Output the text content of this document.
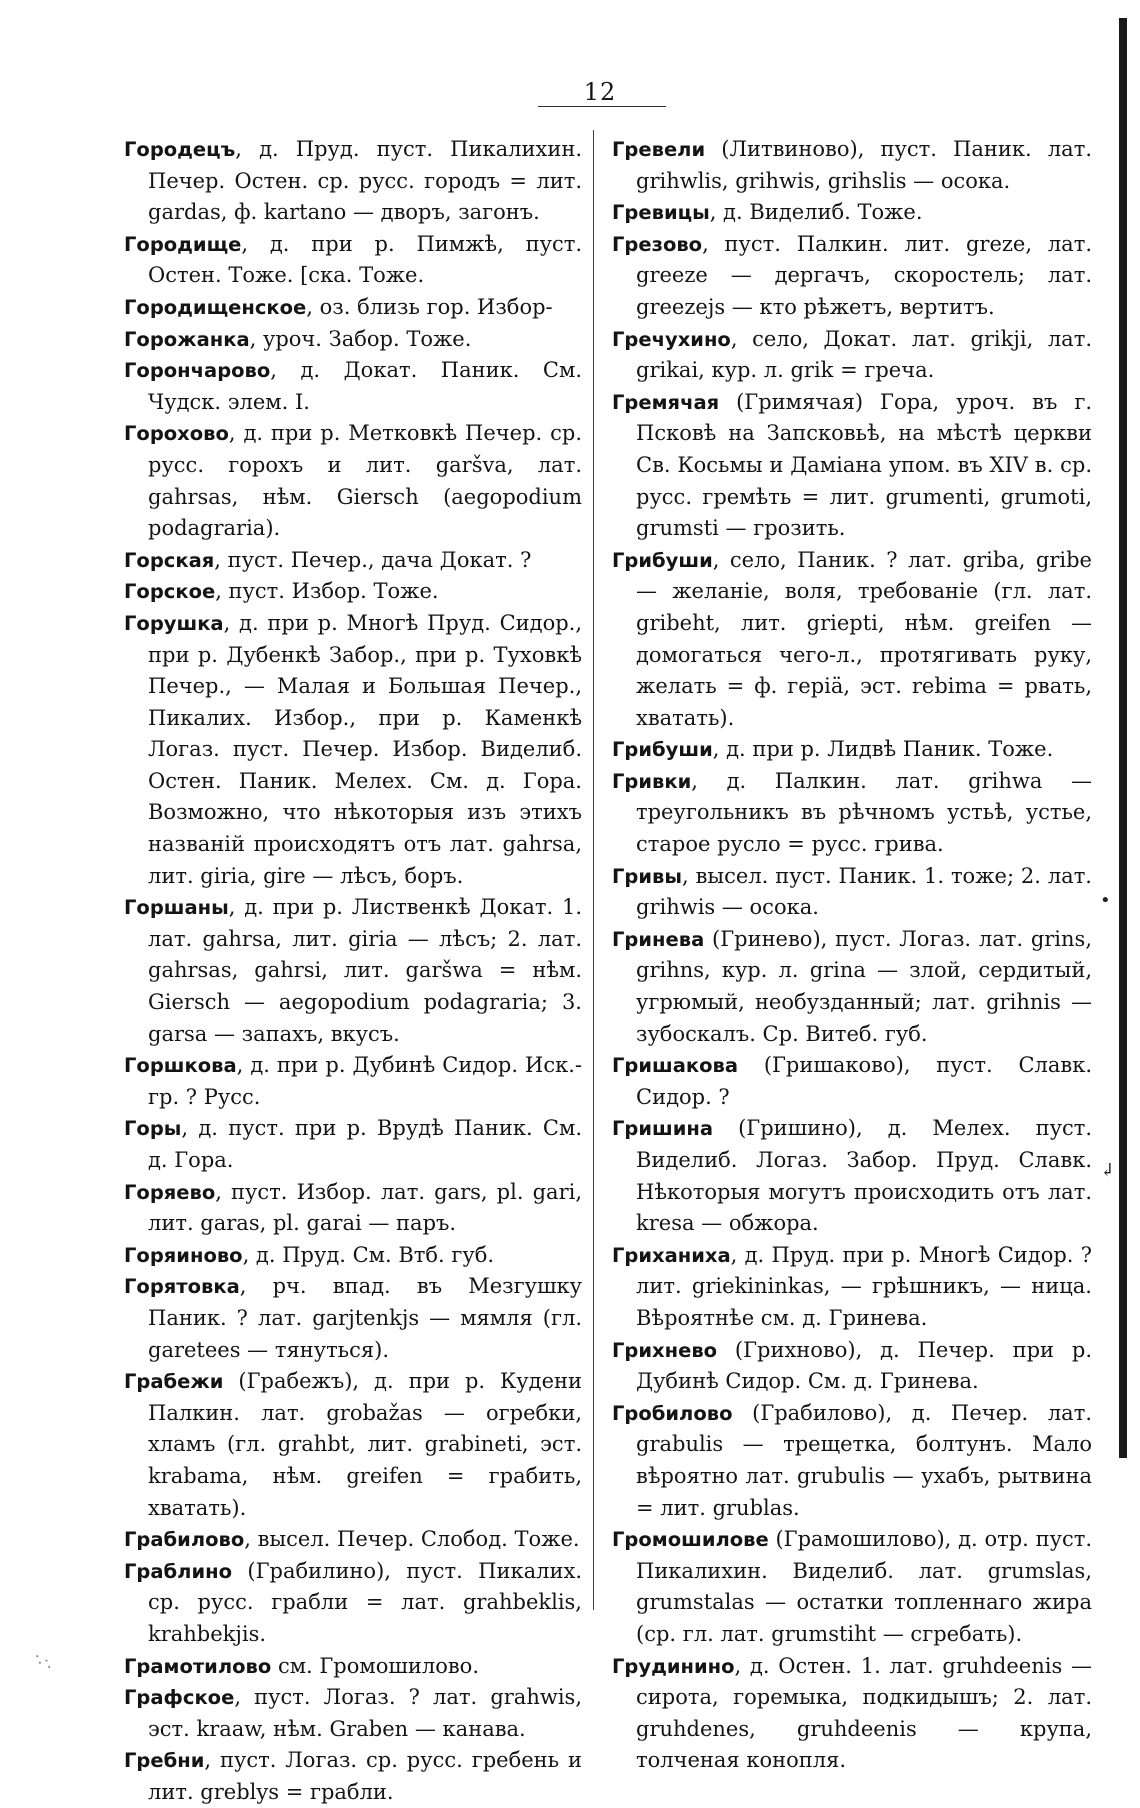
•
↲
12
Городецъ, д. Пруд. пуст. Пикалихин. Печер. Остен. ср. русс. городъ = лит. gardas, ф. kartano — дворъ, загонъ.
Городище, д. при р. Пимжѣ, пуст. Остен. Тоже. [ска. Тоже.
Городищенское, оз. близь гор. Избор-
Горожанка, уроч. Забор. Тоже.
Горончарово, д. Докат. Паник. См. Чудск. элем. I.
Горохово, д. при р. Метковкѣ Печер. ср. русс. горохъ и лит. garšva, лат. gahrsas, нѣм. Giersch (aegopodium podagraria).
Горская, пуст. Печер., дача Докат. ?
Горское, пуст. Избор. Тоже.
Горушка, д. при р. Многѣ Пруд. Сидор., при р. Дубенкѣ Забор., при р. Туховкѣ Печер., — Малая и Большая Печер., Пикалих. Избор., при р. Каменкѣ Логаз. пуст. Печер. Избор. Виделиб. Остен. Паник. Мелех. См. д. Гора. Возможно, что нѣкоторыя изъ этихъ названій происходятъ отъ лат. gahrsa, лит. giria, gire — лѣсъ, боръ.
Горшаны, д. при р. Лиственкѣ Докат. 1. лат. gahrsa, лит. giria — лѣсъ; 2. лат. gahrsas, gahrsi, лит. garšwa = нѣм. Giersch — aegopodium podagraria; 3. garsa — запахъ, вкусъ.
Горшкова, д. при р. Дубинѣ Сидор. Иск.-гр. ? Русс.
Горы, д. пуст. при р. Врудѣ Паник. См. д. Гора.
Горяево, пуст. Избор. лат. gars, pl. gari, лит. garas, pl. garai — паръ.
Горяиново, д. Пруд. См. Втб. губ.
Горятовка, рч. впад. въ Мезгушку Паник. ? лат. garjtenkjs — мямля (гл. garetees — тянуться).
Грабежи (Грабежъ), д. при р. Кудени Палкин. лат. grobažas — огребки, хламъ (гл. grahbt, лит. grabineti, эст. krabama, нѣм. greifen = грабить, хватать).
Грабилово, высел. Печер. Слобод. Тоже.
Граблино (Грабилино), пуст. Пикалих. ср. русс. грабли = лат. grahbeklis, krahbekjis.
Грамотилово см. Громошилово.
Графское, пуст. Логаз. ? лат. grahwis, эст. kraaw, нѣм. Graben — канава.
Гребни, пуст. Логаз. ср. русс. гребень и лит. greblys = грабли.
Гревели (Литвиново), пуст. Паник. лат. grihwlis, grihwis, grihslis — осока.
Гревицы, д. Виделиб. Тоже.
Грезово, пуст. Палкин. лит. greze, лат. greeze — дергачъ, скоростель; лат. greezejs — кто рѣжетъ, вертитъ.
Гречухино, село, Докат. лат. grikji, лат. grikai, кур. л. grik = греча.
Гремячая (Гримячая) Гора, уроч. въ г. Псковѣ на Запсковьѣ, на мѣстѣ церкви Св. Косьмы и Даміана упом. въ XIV в. ср. русс. гремѣть = лит. grumenti, grumoti, grumsti — грозить.
Грибуши, село, Паник. ? лат. griba, gribe — желаніе, воля, требованіе (гл. лат. gribeht, лит. griepti, нѣм. greifen — домогаться чего-л., протягивать руку, желать = ф. гepiä, эст. rebima = рвать, хватать).
Грибуши, д. при р. Лидвѣ Паник. Тоже.
Гривки, д. Палкин. лат. grihwa — треугольникъ въ рѣчномъ устьѣ, устье, старое русло = русс. грива.
Гривы, высел. пуст. Паник. 1. тоже; 2. лат. grihwis — осока.
Гринева (Гринево), пуст. Логаз. лат. grins, grihns, кур. л. grina — злой, сердитый, угрюмый, необузданный; лат. grihnis — зубоскалъ. Ср. Витеб. губ.
Гришакова (Гришаково), пуст. Славк. Сидор. ?
Гришина (Гришино), д. Мелех. пуст. Виделиб. Логаз. Забор. Пруд. Славк. Нѣкоторыя могутъ происходить отъ лат. kresa — обжора.
Гриханиха, д. Пруд. при р. Многѣ Сидор. ? лит. griekininkas, — грѣшникъ, — ница. Вѣроятнѣе см. д. Гринева.
Грихнево (Грихново), д. Печер. при р. Дубинѣ Сидор. См. д. Гринева.
Гробилово (Грабилово), д. Печер. лат. grabulis — трещетка, болтунъ. Мало вѣроятно лат. grubulis — ухабъ, рытвина = лит. grublas.
Громошилове (Грамошилово), д. отр. пуст. Пикалихин. Виделиб. лат. grumslas, grumstalas — остатки топленнаго жира (ср. гл. лат. grumstiht — сгребать).
Грудинино, д. Остен. 1. лат. gruhdeenis — сирота, горемыка, подкидышъ; 2. лат. gruhdenes, gruhdeenis — крупа, толченая конопля.
·.·.
